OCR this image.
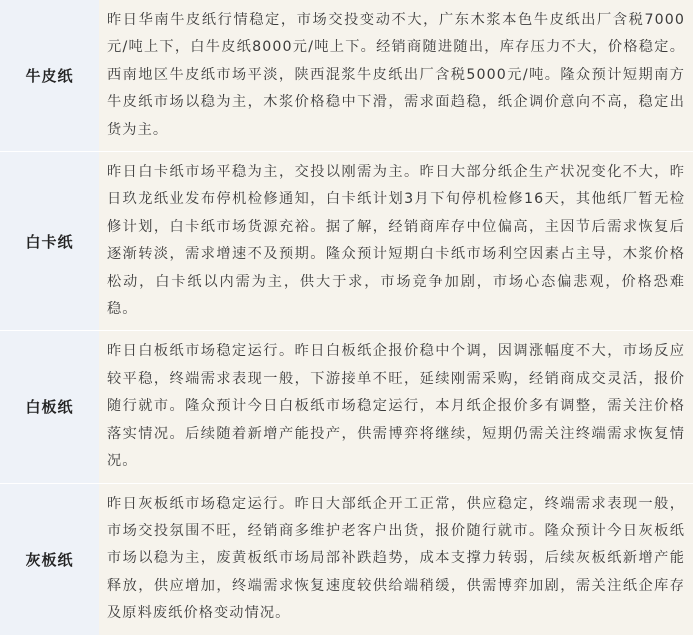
牛皮纸	昨日华南牛皮纸行情稳定，市场交投变动不大，广东木浆本色牛皮纸出厂含税7000元/吨上下，白牛皮纸8000元/吨上下。经销商随进随出，库存压力不大，价格稳定。西南地区牛皮纸市场平淡，陕西混浆牛皮纸出厂含税5000元/吨。隆众预计短期南方牛皮纸市场以稳为主，木浆价格稳中下滑，需求面趋稳，纸企调价意向不高，稳定出货为主。
白卡纸	昨日白卡纸市场平稳为主，交投以刚需为主。昨日大部分纸企生产状况变化不大，昨日玖龙纸业发布停机检修通知，白卡纸计划3月下旬停机检修16天，其他纸厂暂无检修计划，白卡纸市场货源充裕。据了解，经销商库存中位偏高，主因节后需求恢复后逐渐转淡，需求增速不及预期。隆众预计短期白卡纸市场利空因素占主导，木浆价格松动，白卡纸以内需为主，供大于求，市场竞争加剧，市场心态偏悲观，价格恐难稳。
白板纸	昨日白板纸市场稳定运行。昨日白板纸企报价稳中个调，因调涨幅度不大，市场反应较平稳，终端需求表现一般，下游接单不旺，延续刚需采购，经销商成交灵活，报价随行就市。隆众预计今日白板纸市场稳定运行，本月纸企报价多有调整，需关注价格落实情况。后续随着新增产能投产，供需博弈将继续，短期仍需关注终端需求恢复情况。
灰板纸	昨日灰板纸市场稳定运行。昨日大部纸企开工正常，供应稳定，终端需求表现一般，市场交投氛围不旺，经销商多维护老客户出货，报价随行就市。隆众预计今日灰板纸市场以稳为主，废黄板纸市场局部补跌趋势，成本支撑力转弱，后续灰板纸新增产能释放，供应增加，终端需求恢复速度较供给端稍缓，供需博弈加剧，需关注纸企库存及原料废纸价格变动情况。
